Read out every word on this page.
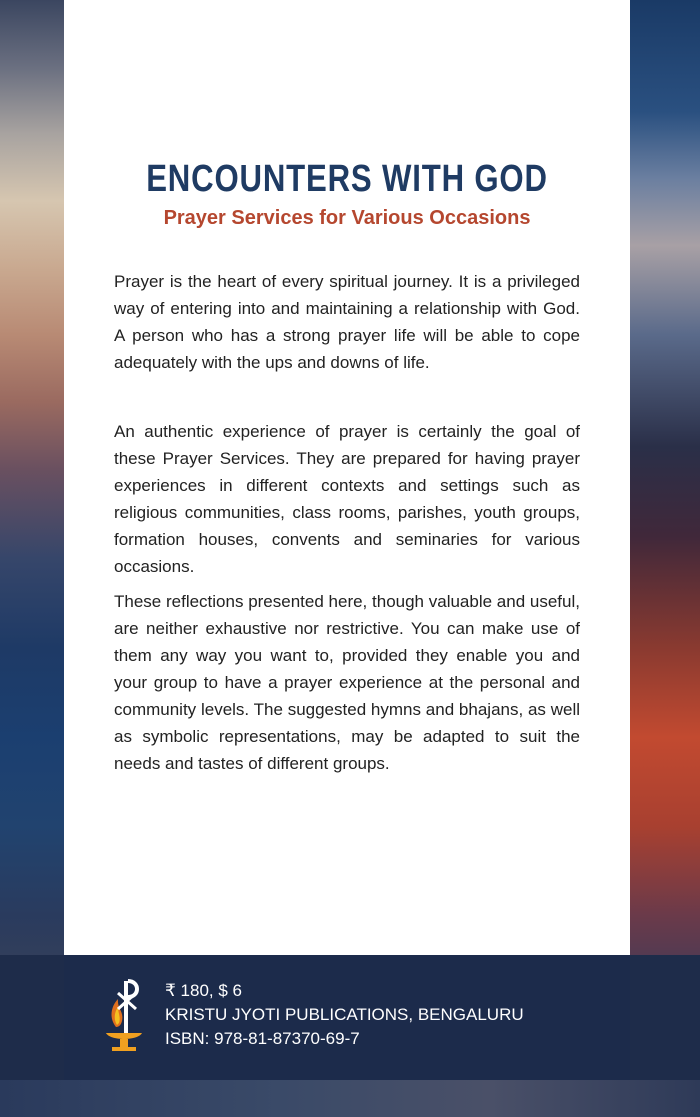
ENCOUNTERS WITH GOD
Prayer Services for Various Occasions
Prayer is the heart of every spiritual journey. It is a privileged way of entering into and maintaining a relationship with God. A person who has a strong prayer life will be able to cope adequately with the ups and downs of life.
An authentic experience of prayer is certainly the goal of these Prayer Services. They are prepared for having prayer experiences in different contexts and settings such as religious communities, class rooms, parishes, youth groups, formation houses, convents and seminaries for various occasions.
These reflections presented here, though valuable and useful, are neither exhaustive nor restrictive. You can make use of them any way you want to, provided they enable you and your group to have a prayer experience at the personal and community levels. The suggested hymns and bhajans, as well as symbolic representations, may be adapted to suit the needs and tastes of different groups.
₹ 180, $ 6
KRISTU JYOTI PUBLICATIONS, BENGALURU
ISBN: 978-81-87370-69-7
